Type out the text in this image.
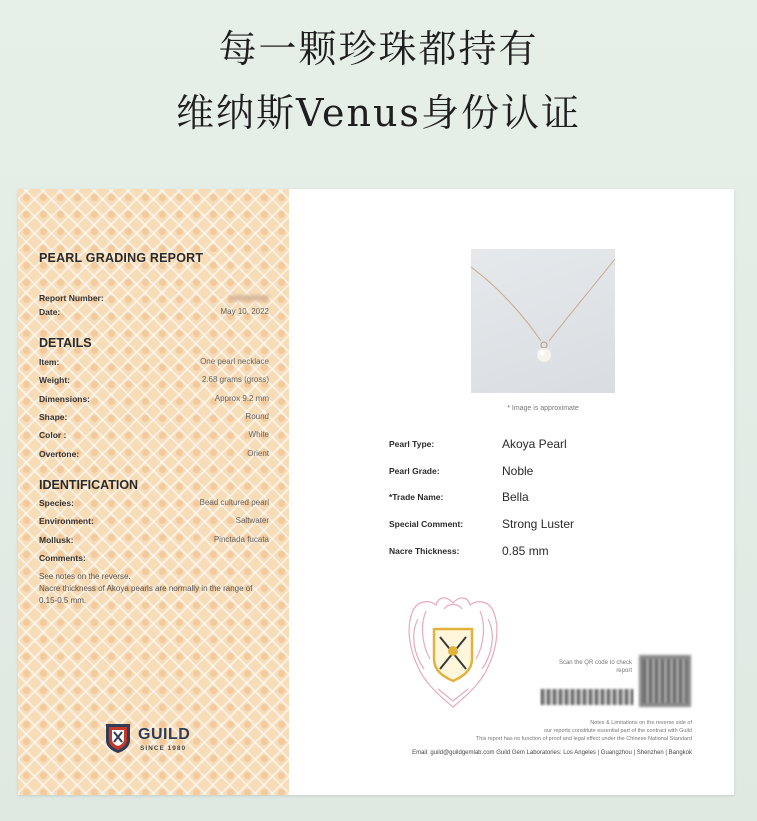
每一颗珍珠都持有
维纳斯Venus身份认证
PEARL GRADING REPORT
Report Number:
Date:	May 10, 2022
DETAILS
Item:	One pearl necklace
Weight:	2.68 grams (gross)
Dimensions:	Approx 9.2 mm
Shape:	Round
Color :	White
Overtone:	Orient
IDENTIFICATION
Species:	Bead cultured pearl
Environment:	Saltwater
Mollusk:	Pinctada fucata
Comments:
See notes on the reverse.
Nacre thickness of Akoya pearls are normally in the range of 0.15-0.5 mm.
GUILD
SINCE 1980
* Image is approximate
Pearl Type:	Akoya Pearl
Pearl Grade:	Noble
*Trade Name:	Bella
Special Comment:	Strong Luster
Nacre Thickness:	0.85 mm
Scan the QR code to check report
Notes & Limitations on the reverse side of
our reports constitute essential part of the contract with Guild
This report has no function of proof and legal effect under the Chinese National Standard
Email: guild@guildgemlab.com Guild Gem Laboratories: Los Angeles | Guangzhou | Shenzhen | Bangkok
